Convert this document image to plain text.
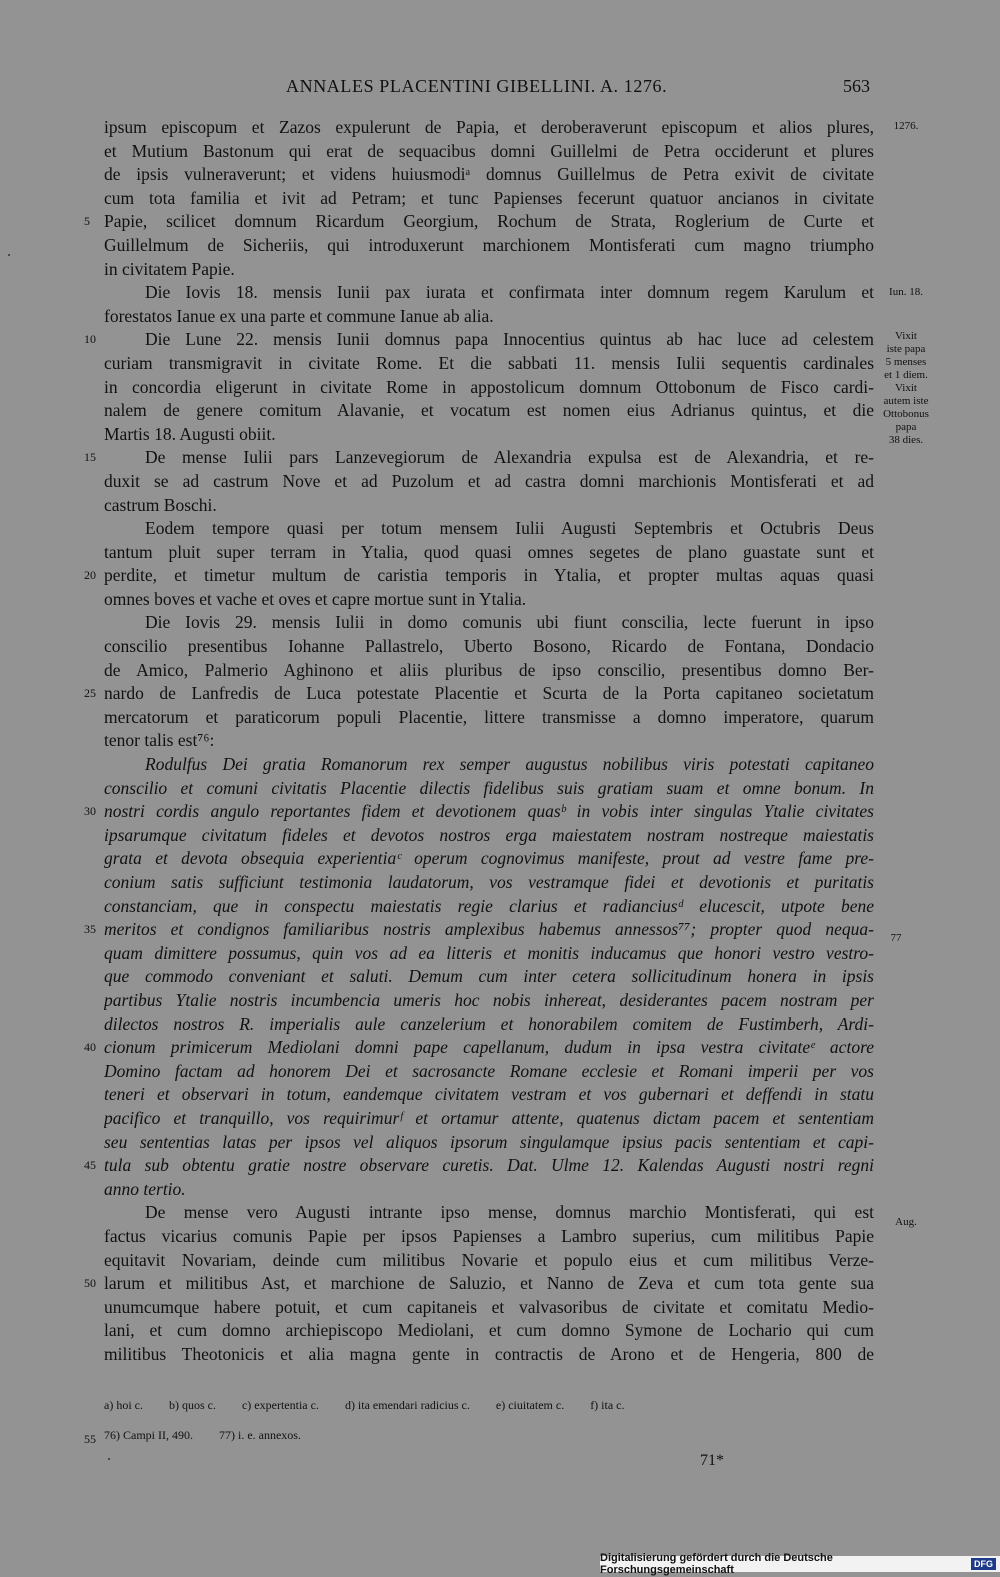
ANNALES PLACENTINI GIBELLINI. A. 1276.	563
ipsum episcopum et Zazos expulerunt de Papia, et deroberaverunt episcopum et alios plures,
et Mutium Bastonum qui erat de sequacibus domni Guillelmi de Petra occiderunt et plures
de ipsis vulneraverunt; et videns huiusmodiᵃ domnus Guillelmus de Petra exivit de civitate
cum tota familia et ivit ad Petram; et tunc Papienses fecerunt quatuor ancianos in civitate
Papie, scilicet domnum Ricardum Georgium, Rochum de Strata, Roglerium de Curte et
Guillelmum de Sicheriis, qui introduxerunt marchionem Montisferati cum magno triumpho
in civitatem Papie.
Die Iovis 18. mensis Iunii pax iurata et confirmata inter domnum regem Karulum et
forestatos Ianue ex una parte et commune Ianue ab alia.
Die Lune 22. mensis Iunii domnus papa Innocentius quintus ab hac luce ad celestem
curiam transmigravit in civitate Rome. Et die sabbati 11. mensis Iulii sequentis cardinales
in concordia eligerunt in civitate Rome in appostolicum domnum Ottobonum de Fisco cardi-
nalem de genere comitum Alavanie, et vocatum est nomen eius Adrianus quintus, et die
Martis 18. Augusti obiit.
De mense Iulii pars Lanzevegiorum de Alexandria expulsa est de Alexandria, et re-
duxit se ad castrum Nove et ad Puzolum et ad castra domni marchionis Montisferati et ad
castrum Boschi.
Eodem tempore quasi per totum mensem Iulii Augusti Septembris et Octubris Deus
tantum pluit super terram in Ytalia, quod quasi omnes segetes de plano guastate sunt et
perdite, et timetur multum de caristia temporis in Ytalia, et propter multas aquas quasi
omnes boves et vache et oves et capre mortue sunt in Ytalia.
Die Iovis 29. mensis Iulii in domo comunis ubi fiunt conscilia, lecte fuerunt in ipso
conscilio presentibus Iohanne Pallastrelo, Uberto Bosono, Ricardo de Fontana, Dondacio
de Amico, Palmerio Aghinono et aliis pluribus de ipso conscilio, presentibus domno Ber-
nardo de Lanfredis de Luca potestate Placentie et Scurta de la Porta capitaneo societatum
mercatorum et paraticorum populi Placentie, littere transmisse a domno imperatore, quarum
tenor talis est⁷⁶:
Rodulfus Dei gratia Romanorum rex semper augustus nobilibus viris potestati capitaneo
conscilio et comuni civitatis Placentie dilectis fidelibus suis gratiam suam et omne bonum. In
nostri cordis angulo reportantes fidem et devotionem quasᵇ in vobis inter singulas Ytalie civitates
ipsarumque civitatum fideles et devotos nostros erga maiestatem nostram nostreque maiestatis
grata et devota obsequia experientiaᶜ operum cognovimus manifeste, prout ad vestre fame pre-
conium satis sufficiunt testimonia laudatorum, vos vestramque fidei et devotionis et puritatis
constanciam, que in conspectu maiestatis regie clarius et radianciusᵈ elucescit, utpote bene
meritos et condignos familiaribus nostris amplexibus habemus annessos⁷⁷; propter quod nequa-
quam dimittere possumus, quin vos ad ea litteris et monitis inducamus que honori vestro vestro-
que commodo conveniant et saluti. Demum cum inter cetera sollicitudinum honera in ipsis
partibus Ytalie nostris incumbencia umeris hoc nobis inhereat, desiderantes pacem nostram per
dilectos nostros R. imperialis aule canzelerium et honorabilem comitem de Fustimberh, Ardi-
cionum primicerum Mediolani domni pape capellanum, dudum in ipsa vestra civitateᵉ actore
Domino factam ad honorem Dei et sacrosancte Romane ecclesie et Romani imperii per vos
teneri et observari in totum, eandemque civitatem vestram et vos gubernari et deffendi in statu
pacifico et tranquillo, vos requirimurᶠ et ortamur attente, quatenus dictam pacem et sententiam
seu sententias latas per ipsos vel aliquos ipsorum singulamque ipsius pacis sententiam et capi-
tula sub obtentu gratie nostre observare curetis. Dat. Ulme 12. Kalendas Augusti nostri regni
anno tertio.
De mense vero Augusti intrante ipso mense, domnus marchio Montisferati, qui est
factus vicarius comunis Papie per ipsos Papienses a Lambro superius, cum militibus Papie
equitavit Novariam, deinde cum militibus Novarie et populo eius et cum militibus Verze-
larum et militibus Ast, et marchione de Saluzio, et Nanno de Zeva et cum tota gente sua
unumcumque habere potuit, et cum capitaneis et valvasoribus de civitate et comitatu Medio-
lani, et cum domno archiepiscopo Mediolani, et cum domno Symone de Lochario qui cum
militibus Theotonicis et alia magna gente in contractis de Arono et de Hengeria, 800 de
5
10
15
20
25
30
35
40
45
50
1276.
Iun. 18.
Vixit
iste papa
5 menses
et 1 diem.
Vixit
autem iste
Ottobonus
papa
38 dies.
77
Aug.
a) hoi c. b) quos c. c) expertentia c. d) ita emendari radicius c. e) ciuitatem c. f) ita c.
76) Campi II, 490. 77) i. e. annexos.
55
71*
Digitalisierung gefördert durch die Deutsche Forschungsgemeinschaft	DFG
